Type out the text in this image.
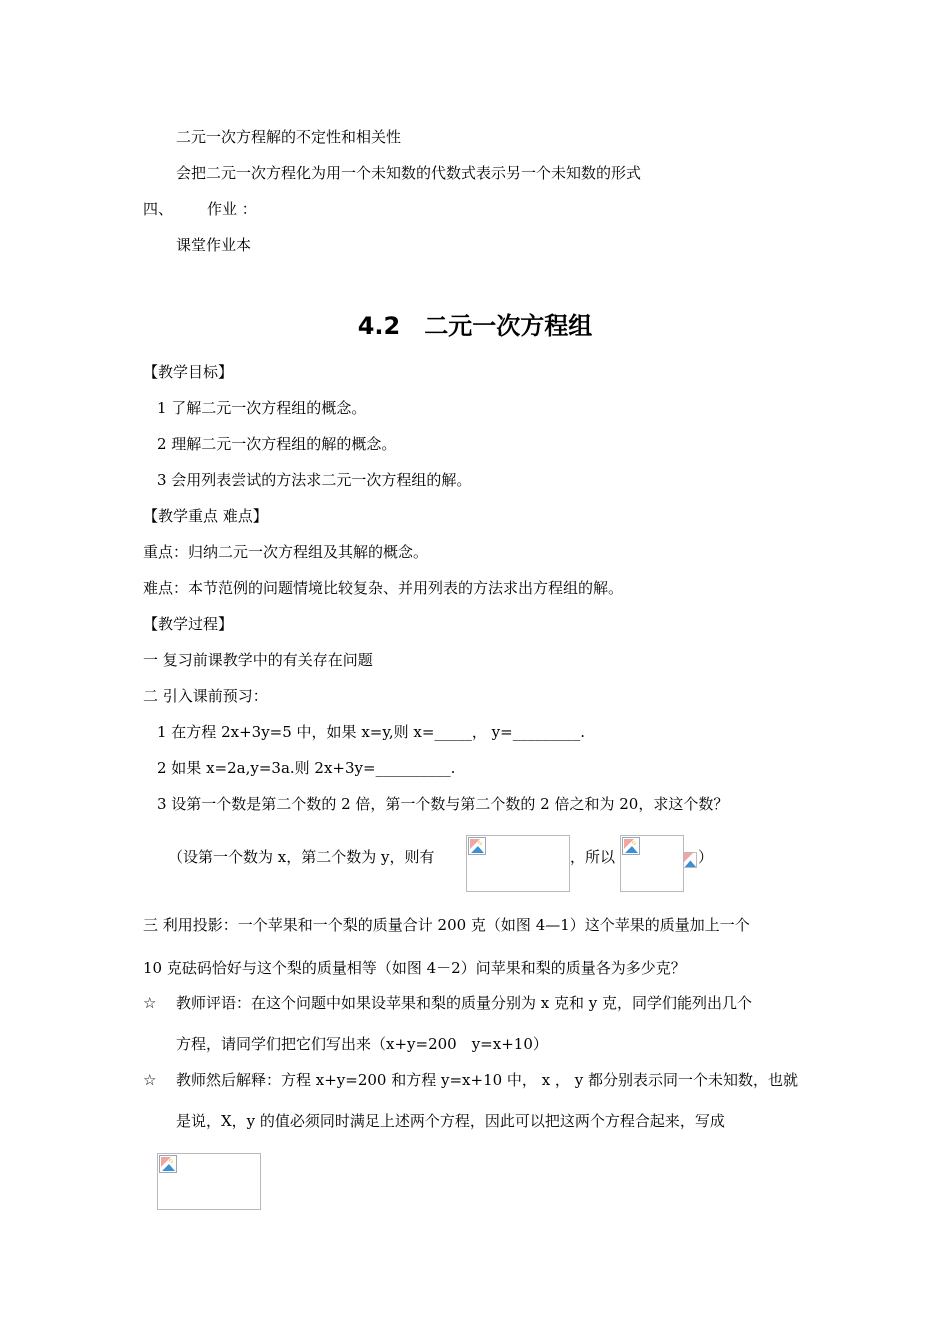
二元一次方程解的不定性和相关性
会把二元一次方程化为用一个未知数的代数式表示另一个未知数的形式
四、 作业 ：
课堂作业本
4.2　二元一次方程组
【教学目标】
1 了解二元一次方程组的概念。
2 理解二元一次方程组的解的概念。
3 会用列表尝试的方法求二元一次方程组的解。
【教学重点 难点】
重点：归纳二元一次方程组及其解的概念。
难点：本节范例的问题情境比较复杂、并用列表的方法求出方程组的解。
【教学过程】
一 复习前课教学中的有关存在问题
二 引入课前预习：
1 在方程 2x+3y=5 中，如果 x=y,则 x=_____， y=_________.
2 如果 x=2a,y=3a.则 2x+3y=__________.
3 设第一个数是第二个数的 2 倍，第一个数与第二个数的 2 倍之和为 20，求这个数？
（设第一个数为 x，第二个数为 y，则有	，所以	）
三 利用投影：一个苹果和一个梨的质量合计 200 克（如图 4—1）这个苹果的质量加上一个
10 克砝码恰好与这个梨的质量相等（如图 4－2）问苹果和梨的质量各为多少克？
☆ 教师评语：在这个问题中如果设苹果和梨的质量分别为 x 克和 y 克，同学们能列出几个
方程，请同学们把它们写出来（x+y=200　y=x+10）
☆ 教师然后解释：方程 x+y=200 和方程 y=x+10 中， x ， y 都分别表示同一个未知数，也就
是说，X，y 的值必须同时满足上述两个方程，因此可以把这两个方程合起来，写成
